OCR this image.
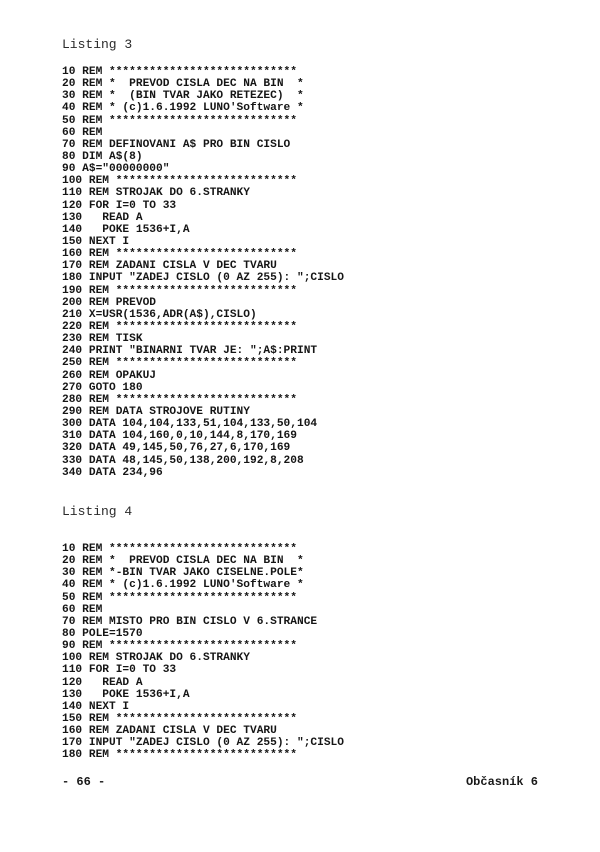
Listing 3
10 REM ****************************
20 REM *  PREVOD CISLA DEC NA BIN  *
30 REM *  (BIN TVAR JAKO RETEZEC)  *
40 REM * (c)1.6.1992 LUNO'Software *
50 REM ****************************
60 REM
70 REM DEFINOVANI A$ PRO BIN CISLO
80 DIM A$(8)
90 A$="00000000"
100 REM ***************************
110 REM STROJAK DO 6.STRANKY
120 FOR I=0 TO 33
130   READ A
140   POKE 1536+I,A
150 NEXT I
160 REM ***************************
170 REM ZADANI CISLA V DEC TVARU
180 INPUT "ZADEJ CISLO (0 AZ 255): ";CISLO
190 REM ***************************
200 REM PREVOD
210 X=USR(1536,ADR(A$),CISLO)
220 REM ***************************
230 REM TISK
240 PRINT "BINARNI TVAR JE: ";A$:PRINT
250 REM ***************************
260 REM OPAKUJ
270 GOTO 180
280 REM ***************************
290 REM DATA STROJOVE RUTINY
300 DATA 104,104,133,51,104,133,50,104
310 DATA 104,160,0,10,144,8,170,169
320 DATA 49,145,50,76,27,6,170,169
330 DATA 48,145,50,138,200,192,8,208
340 DATA 234,96
Listing 4
10 REM ****************************
20 REM *  PREVOD CISLA DEC NA BIN  *
30 REM *-BIN TVAR JAKO CISELNE.POLE*
40 REM * (c)1.6.1992 LUNO'Software *
50 REM ****************************
60 REM
70 REM MISTO PRO BIN CISLO V 6.STRANCE
80 POLE=1570
90 REM ****************************
100 REM STROJAK DO 6.STRANKY
110 FOR I=0 TO 33
120   READ A
130   POKE 1536+I,A
140 NEXT I
150 REM ***************************
160 REM ZADANI CISLA V DEC TVARU
170 INPUT "ZADEJ CISLO (0 AZ 255): ";CISLO
180 REM ***************************
- 66 -	Občasník 6
